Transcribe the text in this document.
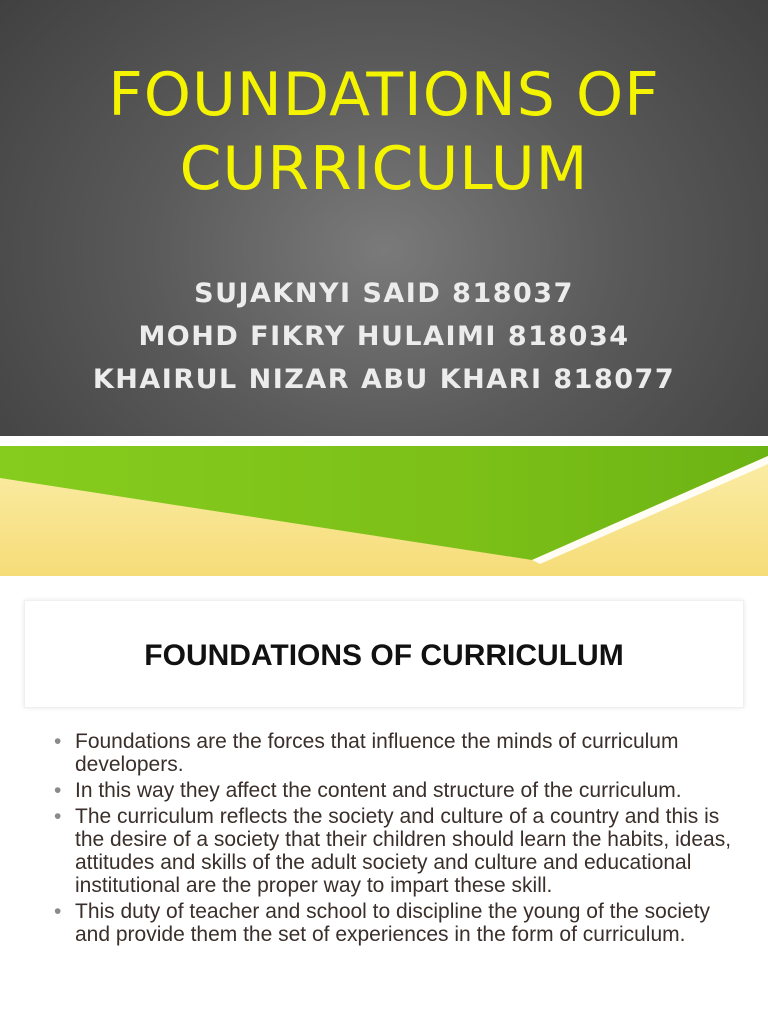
FOUNDATIONS OF
CURRICULUM
SUJAKNYI SAID 818037
MOHD FIKRY HULAIMI 818034
KHAIRUL NIZAR ABU KHARI 818077
FOUNDATIONS OF CURRICULUM
• Foundations are the forces that influence the minds of curriculum developers.
• In this way they affect the content and structure of the curriculum.
• The curriculum reflects the society and culture of a country and this is the desire of a society that their children should learn the habits, ideas, attitudes and skills of the adult society and culture and educational institutional are the proper way to impart these skill.
• This duty of teacher and school to discipline the young of the society and provide them the set of experiences in the form of curriculum.
